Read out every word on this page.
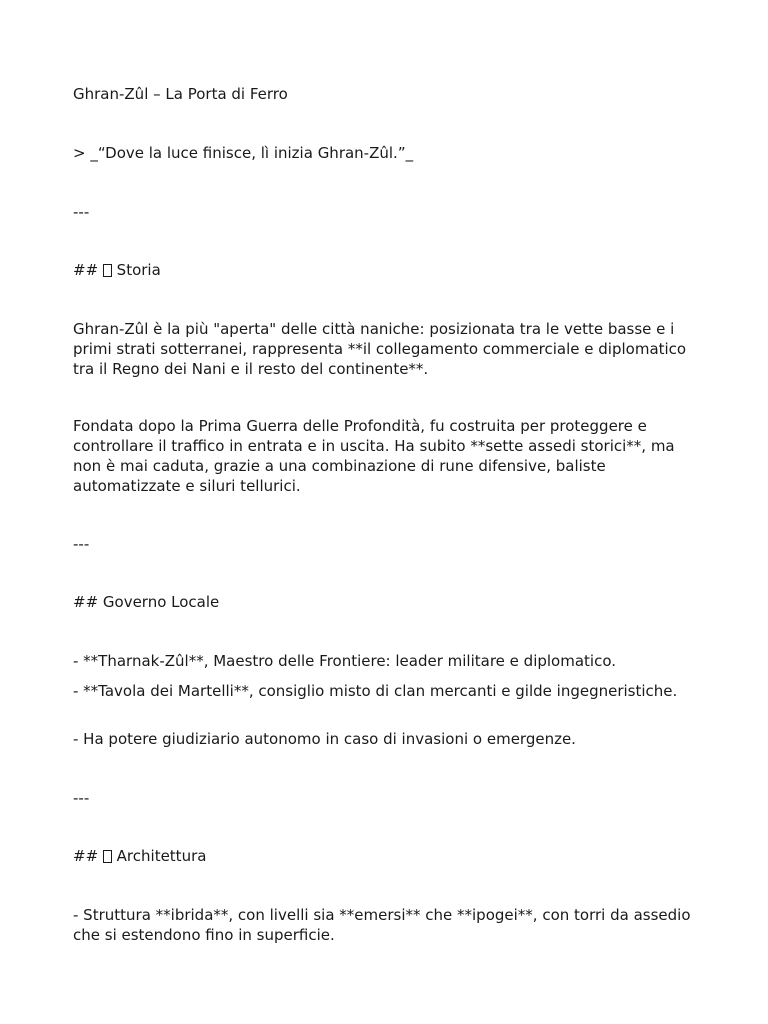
Ghran-Zûl – La Porta di Ferro
> _“Dove la luce finisce, lì inizia Ghran-Zûl.”_
---
##  Storia
Ghran-Zûl è la più "aperta" delle città naniche: posizionata tra le vette basse e i primi strati sotterranei, rappresenta **il collegamento commerciale e diplomatico tra il Regno dei Nani e il resto del continente**.
Fondata dopo la Prima Guerra delle Profondità, fu costruita per proteggere e controllare il traffico in entrata e in uscita. Ha subito **sette assedi storici**, ma non è mai caduta, grazie a una combinazione di rune difensive, baliste automatizzate e siluri tellurici.
---
## Governo Locale
- **Tharnak-Zûl**, Maestro delle Frontiere: leader militare e diplomatico.
- **Tavola dei Martelli**, consiglio misto di clan mercanti e gilde ingegneristiche.
- Ha potere giudiziario autonomo in caso di invasioni o emergenze.
---
##  Architettura
- Struttura **ibrida**, con livelli sia **emersi** che **ipogei**, con torri da assedio che si estendono fino in superficie.
